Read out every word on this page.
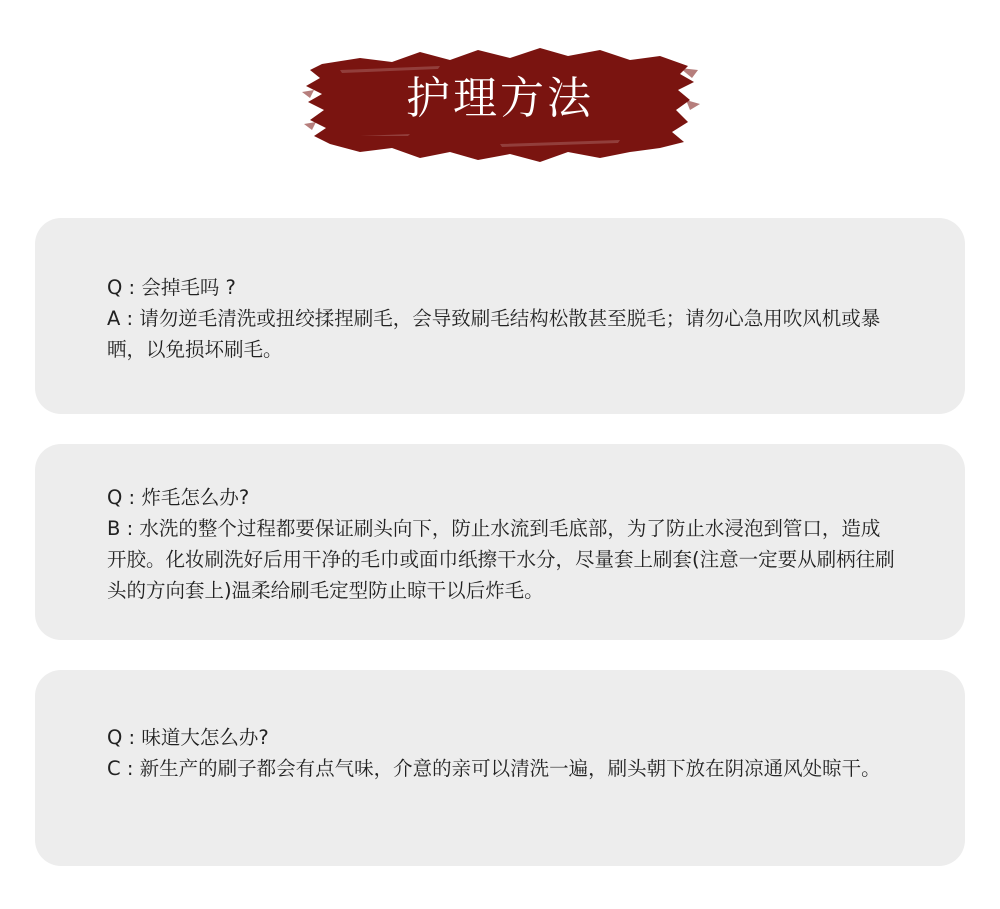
护理方法
Q : 会掉毛吗 ?
A : 请勿逆毛清洗或扭绞揉捏刷毛，会导致刷毛结构松散甚至脱毛；请勿心急用吹风机或暴晒，以免损坏刷毛。
Q : 炸毛怎么办?
B : 水洗的整个过程都要保证刷头向下，防止水流到毛底部，为了防止水浸泡到管口，造成开胶。化妆刷洗好后用干净的毛巾或面巾纸擦干水分，尽量套上刷套(注意一定要从刷柄往刷头的方向套上)温柔给刷毛定型防止晾干以后炸毛。
Q : 味道大怎么办?
C : 新生产的刷子都会有点气味，介意的亲可以清洗一遍，刷头朝下放在阴凉通风处晾干。
